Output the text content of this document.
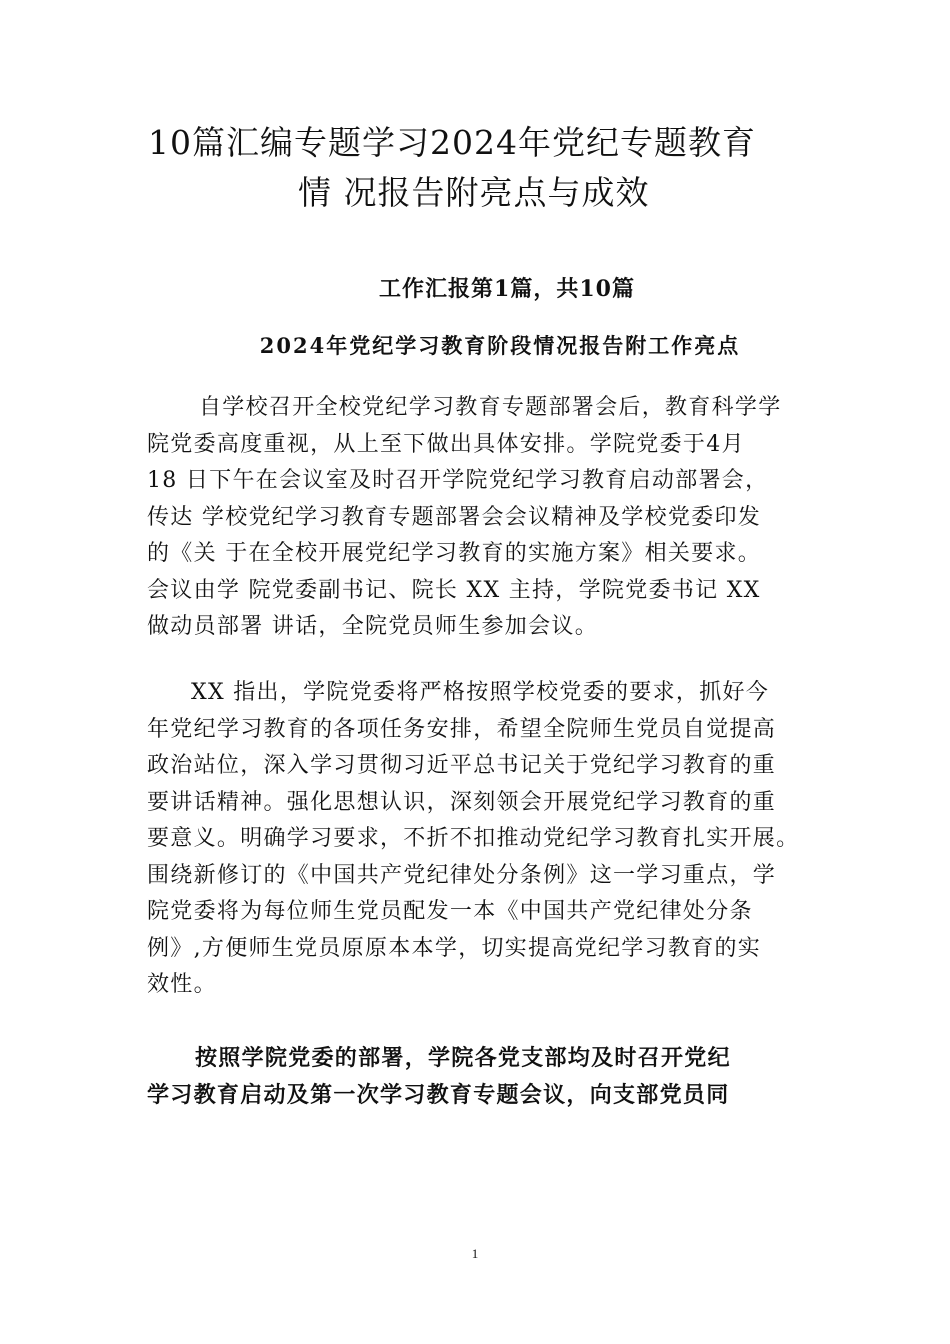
10篇汇编专题学习2024年党纪专题教育
情 况报告附亮点与成效

工作汇报第1篇，共10篇

2024年党纪学习教育阶段情况报告附工作亮点

自学校召开全校党纪学习教育专题部署会后，教育科学学
院党委高度重视，从上至下做出具体安排。学院党委于4月
18 日下午在会议室及时召开学院党纪学习教育启动部署会，
传达 学校党纪学习教育专题部署会会议精神及学校党委印发
的《关 于在全校开展党纪学习教育的实施方案》相关要求。
会议由学 院党委副书记、院长 XX 主持，学院党委书记 XX
做动员部署 讲话，全院党员师生参加会议。

XX 指出，学院党委将严格按照学校党委的要求，抓好今
年党纪学习教育的各项任务安排，希望全院师生党员自觉提高
政治站位，深入学习贯彻习近平总书记关于党纪学习教育的重
要讲话精神。强化思想认识，深刻领会开展党纪学习教育的重
要意义。明确学习要求，不折不扣推动党纪学习教育扎实开展。
围绕新修订的《中国共产党纪律处分条例》这一学习重点，学
院党委将为每位师生党员配发一本《中国共产党纪律处分条
例》,方便师生党员原原本本学，切实提高党纪学习教育的实
效性。

按照学院党委的部署，学院各党支部均及时召开党纪
学习教育启动及第一次学习教育专题会议，向支部党员同

1
